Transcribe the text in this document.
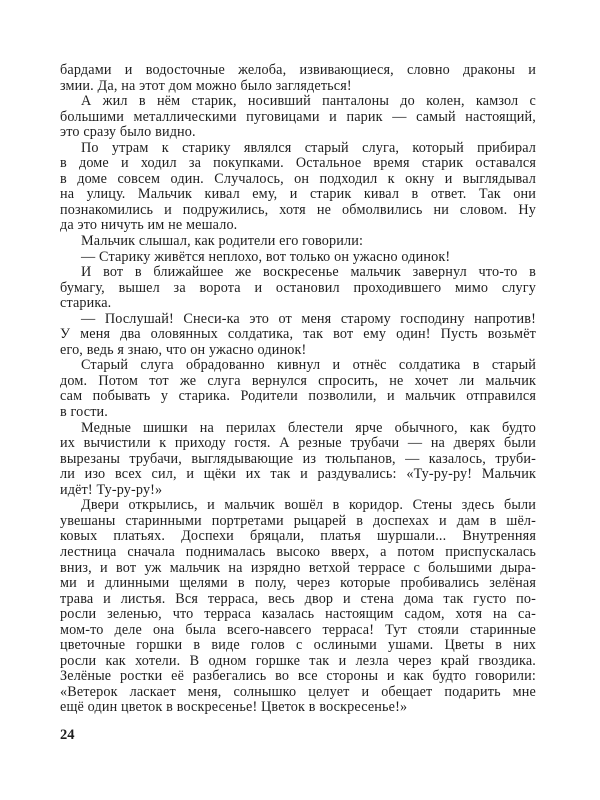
бардами и водосточные желоба, извивающиеся, словно драконы и
змии. Да, на этот дом можно было заглядеться!
А жил в нём старик, носивший панталоны до колен, камзол с
большими металлическими пуговицами и парик — самый настоящий,
это сразу было видно.
По утрам к старику являлся старый слуга, который прибирал
в доме и ходил за покупками. Остальное время старик оставался
в доме совсем один. Случалось, он подходил к окну и выглядывал
на улицу. Мальчик кивал ему, и старик кивал в ответ. Так они
познакомились и подружились, хотя не обмолвились ни словом. Ну
да это ничуть им не мешало.
Мальчик слышал, как родители его говорили:
— Старику живётся неплохо, вот только он ужасно одинок!
И вот в ближайшее же воскресенье мальчик завернул что-то в
бумагу, вышел за ворота и остановил проходившего мимо слугу
старика.
— Послушай! Снеси-ка это от меня старому господину напротив!
У меня два оловянных солдатика, так вот ему один! Пусть возьмёт
его, ведь я знаю, что он ужасно одинок!
Старый слуга обрадованно кивнул и отнёс солдатика в старый
дом. Потом тот же слуга вернулся спросить, не хочет ли мальчик
сам побывать у старика. Родители позволили, и мальчик отправился
в гости.
Медные шишки на перилах блестели ярче обычного, как будто
их вычистили к приходу гостя. А резные трубачи — на дверях были
вырезаны трубачи, выглядывающие из тюльпанов, — казалось, труби-
ли изо всех сил, и щёки их так и раздувались: «Ту-ру-ру! Мальчик
идёт! Ту-ру-ру!»
Двери открылись, и мальчик вошёл в коридор. Стены здесь были
увешаны старинными портретами рыцарей в доспехах и дам в шёл-
ковых платьях. Доспехи бряцали, платья шуршали... Внутренняя
лестница сначала поднималась высоко вверх, а потом приспускалась
вниз, и вот уж мальчик на изрядно ветхой террасе с большими дыра-
ми и длинными щелями в полу, через которые пробивались зелёная
трава и листья. Вся терраса, весь двор и стена дома так густо по-
росли зеленью, что терраса казалась настоящим садом, хотя на са-
мом-то деле она была всего-навсего терраса! Тут стояли старинные
цветочные горшки в виде голов с ослиными ушами. Цветы в них
росли как хотели. В одном горшке так и лезла через край гвоздика.
Зелёные ростки её разбегались во все стороны и как будто говорили:
«Ветерок ласкает меня, солнышко целует и обещает подарить мне
ещё один цветок в воскресенье! Цветок в воскресенье!»
24
